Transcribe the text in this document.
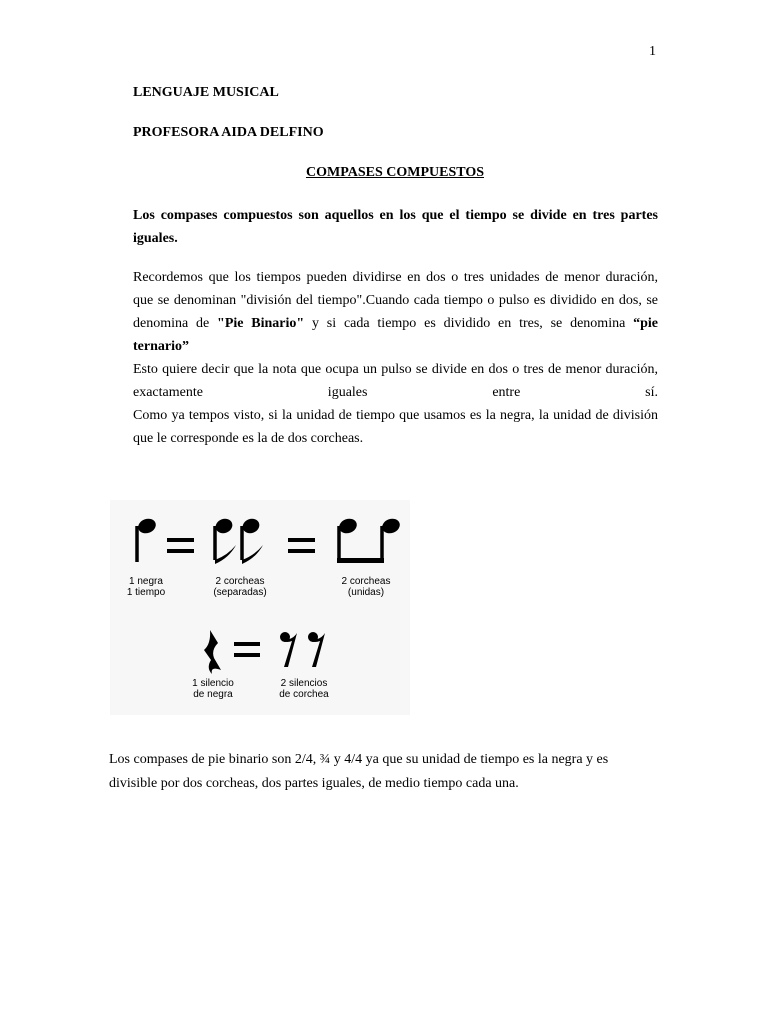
1
LENGUAJE MUSICAL
PROFESORA AIDA DELFINO
COMPASES COMPUESTOS
Los compases compuestos son aquellos en los que el tiempo se divide en tres partes
iguales.
Recordemos que los tiempos pueden dividirse en dos o tres unidades de menor duración,
que se denominan "división del tiempo".Cuando cada tiempo o pulso es dividido en dos, se
denomina de "Pie Binario" y si cada tiempo es dividido en tres, se denomina “pie
ternario”
Esto quiere decir que la nota que ocupa un pulso se divide en dos o tres de menor duración,
exactamente iguales entre sí.
Como ya tempos visto, si la unidad de tiempo que usamos es la negra, la unidad de división
que le corresponde es la de dos corcheas.
1 negra
1 tiempo
2 corcheas
(separadas)
2 corcheas
(unidas)
1 silencio
de negra
2 silencios
de corchea
Los compases de pie binario son 2/4, ¾ y 4/4 ya que su unidad de tiempo es la negra y es
divisible por dos corcheas, dos partes iguales, de medio tiempo cada una.
